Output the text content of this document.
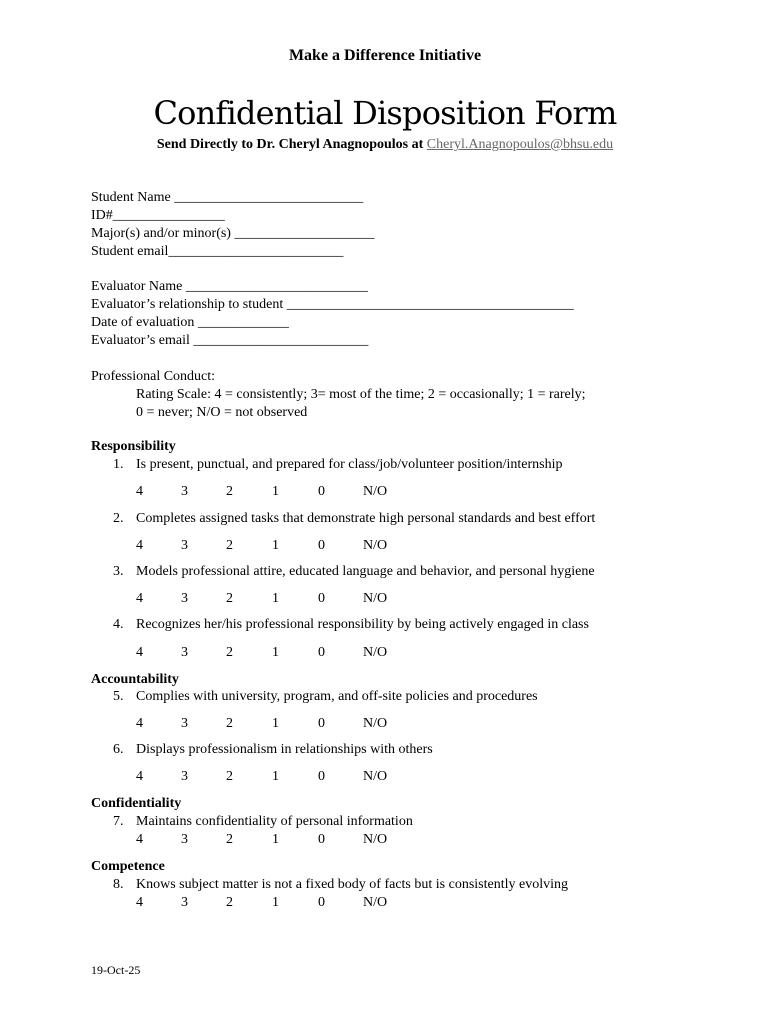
Make a Difference Initiative
Confidential Disposition Form
Send Directly to Dr. Cheryl Anagnopoulos at Cheryl.Anagnopoulos@bhsu.edu
Student Name ___________________________
ID#________________
Major(s) and/or minor(s) ____________________
Student email_________________________
Evaluator Name __________________________
Evaluator’s relationship to student _________________________________________
Date of evaluation _____________
Evaluator’s email _________________________
Professional Conduct:
Rating Scale: 4 = consistently; 3= most of the time; 2 = occasionally; 1 = rarely;
0 = never; N/O = not observed
Responsibility
1. Is present, punctual, and prepared for class/job/volunteer position/internship
4	3	2	1	0	N/O
2. Completes assigned tasks that demonstrate high personal standards and best effort
4	3	2	1	0	N/O
3. Models professional attire, educated language and behavior, and personal hygiene
4	3	2	1	0	N/O
4. Recognizes her/his professional responsibility by being actively engaged in class
4	3	2	1	0	N/O
Accountability
5. Complies with university, program, and off-site policies and procedures
4	3	2	1	0	N/O
6. Displays professionalism in relationships with others
4	3	2	1	0	N/O
Confidentiality
7. Maintains confidentiality of personal information
4	3	2	1	0	N/O
Competence
8. Knows subject matter is not a fixed body of facts but is consistently evolving
4	3	2	1	0	N/O
19-Oct-25
